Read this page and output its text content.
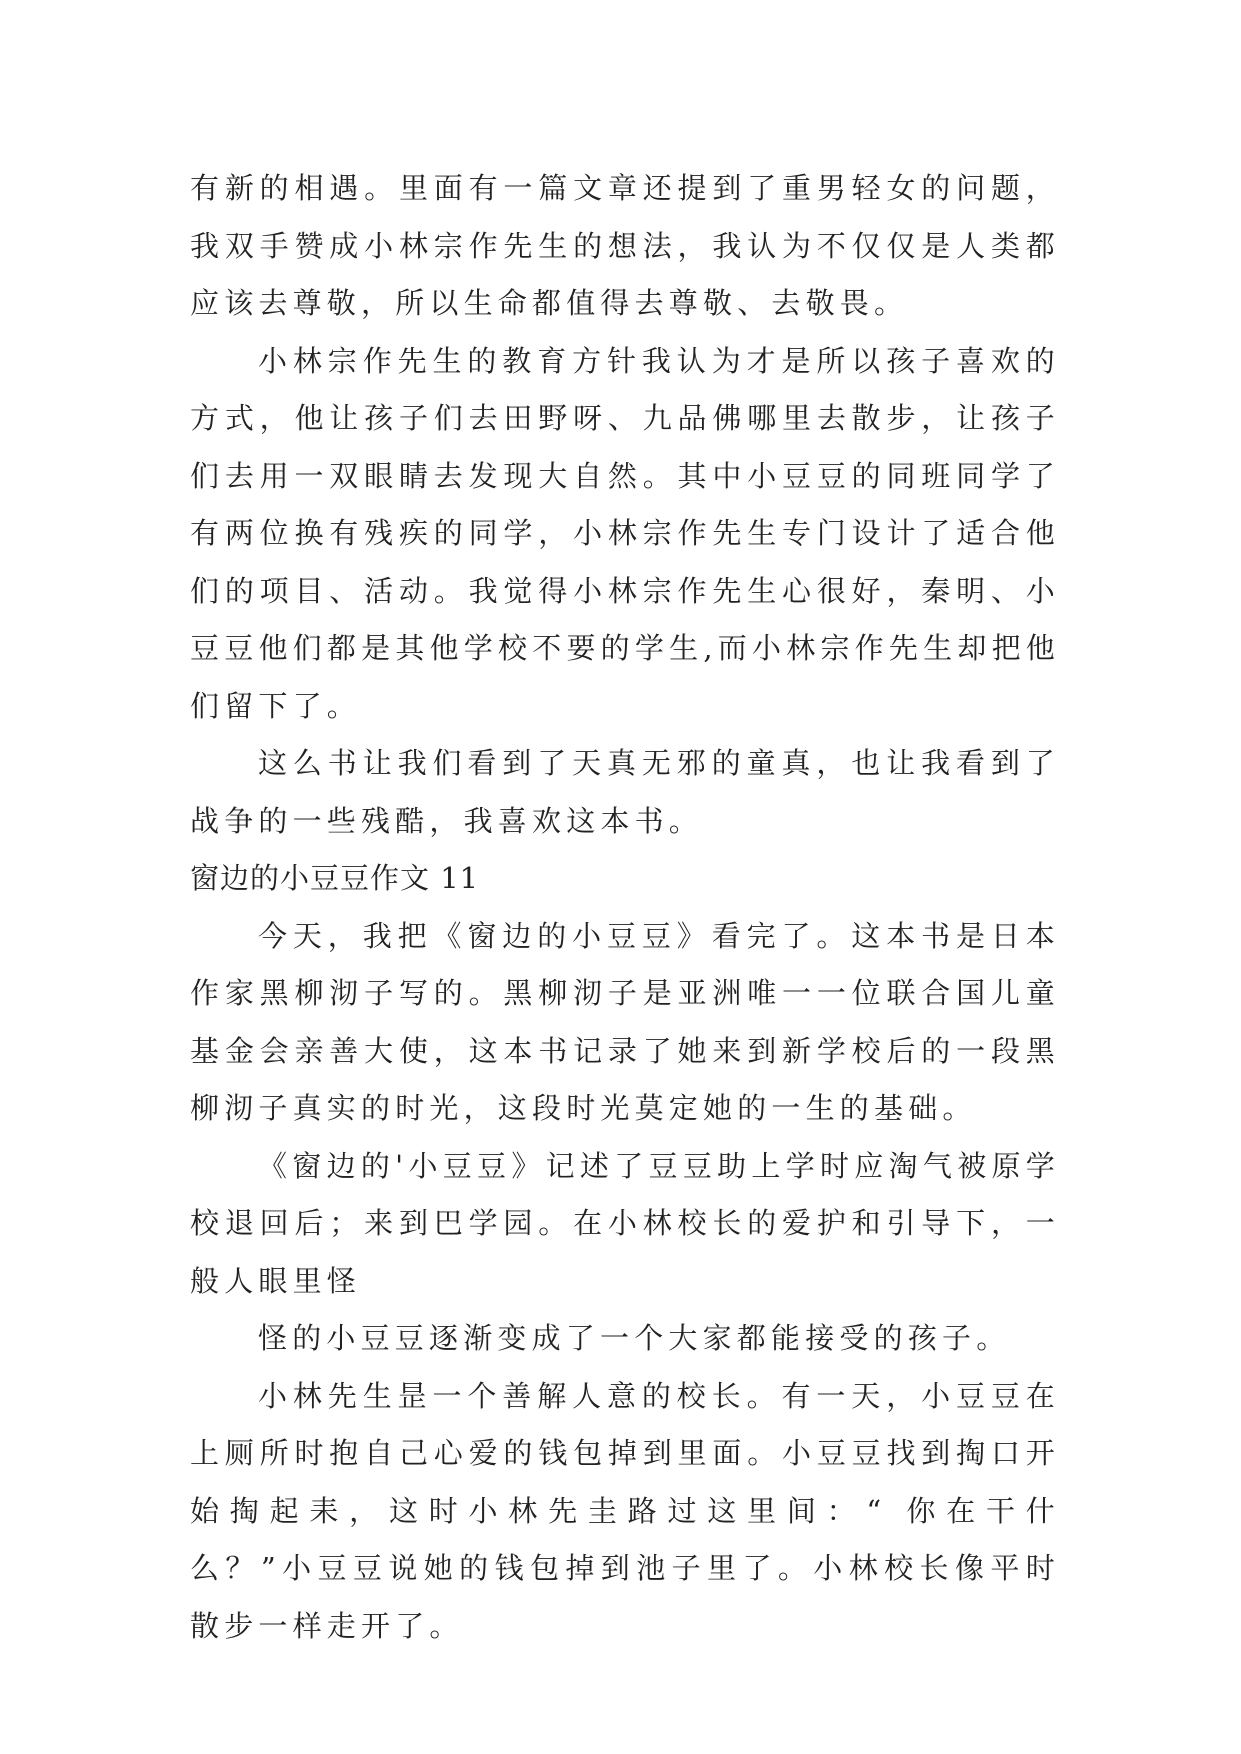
有新的相遇。里面有一篇文章还提到了重男轻女的问题，我双手赞成小林宗作先生的想法，我认为不仅仅是人类都应该去尊敬，所以生命都值得去尊敬、去敬畏。

小林宗作先生的教育方针我认为才是所以孩子喜欢的方式，他让孩子们去田野呀、九品佛哪里去散步，让孩子们去用一双眼睛去发现大自然。其中小豆豆的同班同学了有两位换有残疾的同学，小林宗作先生专门设计了适合他们的项目、活动。我觉得小林宗作先生心很好，秦明、小豆豆他们都是其他学校不要的学生,而小林宗作先生却把他们留下了。

这么书让我们看到了天真无邪的童真，也让我看到了战争的一些残酷，我喜欢这本书。

窗边的小豆豆作文 11

今天，我把《窗边的小豆豆》看完了。这本书是日本作家黑柳沏子写的。黑柳沏子是亚洲唯一一位联合国儿童基金会亲善大使，这本书记录了她来到新学校后的一段黑柳沏子真实的时光，这段时光莫定她的一生的基础。

《窗边的'小豆豆》记述了豆豆助上学时应淘气被原学校退回后；来到巴学园。在小林校长的爱护和引导下，一般人眼里怪

怪的小豆豆逐渐变成了一个大家都能接受的孩子。

小林先生昰一个善解人意的校长。有一天，小豆豆在上厕所时抱自己心爱的钱包掉到里面。小豆豆找到掏口开始掏起耒，这时小林先圭路过这里间：“ 你在干什么？”小豆豆说她的钱包掉到池子里了。小林校长像平时散步一样走开了。
